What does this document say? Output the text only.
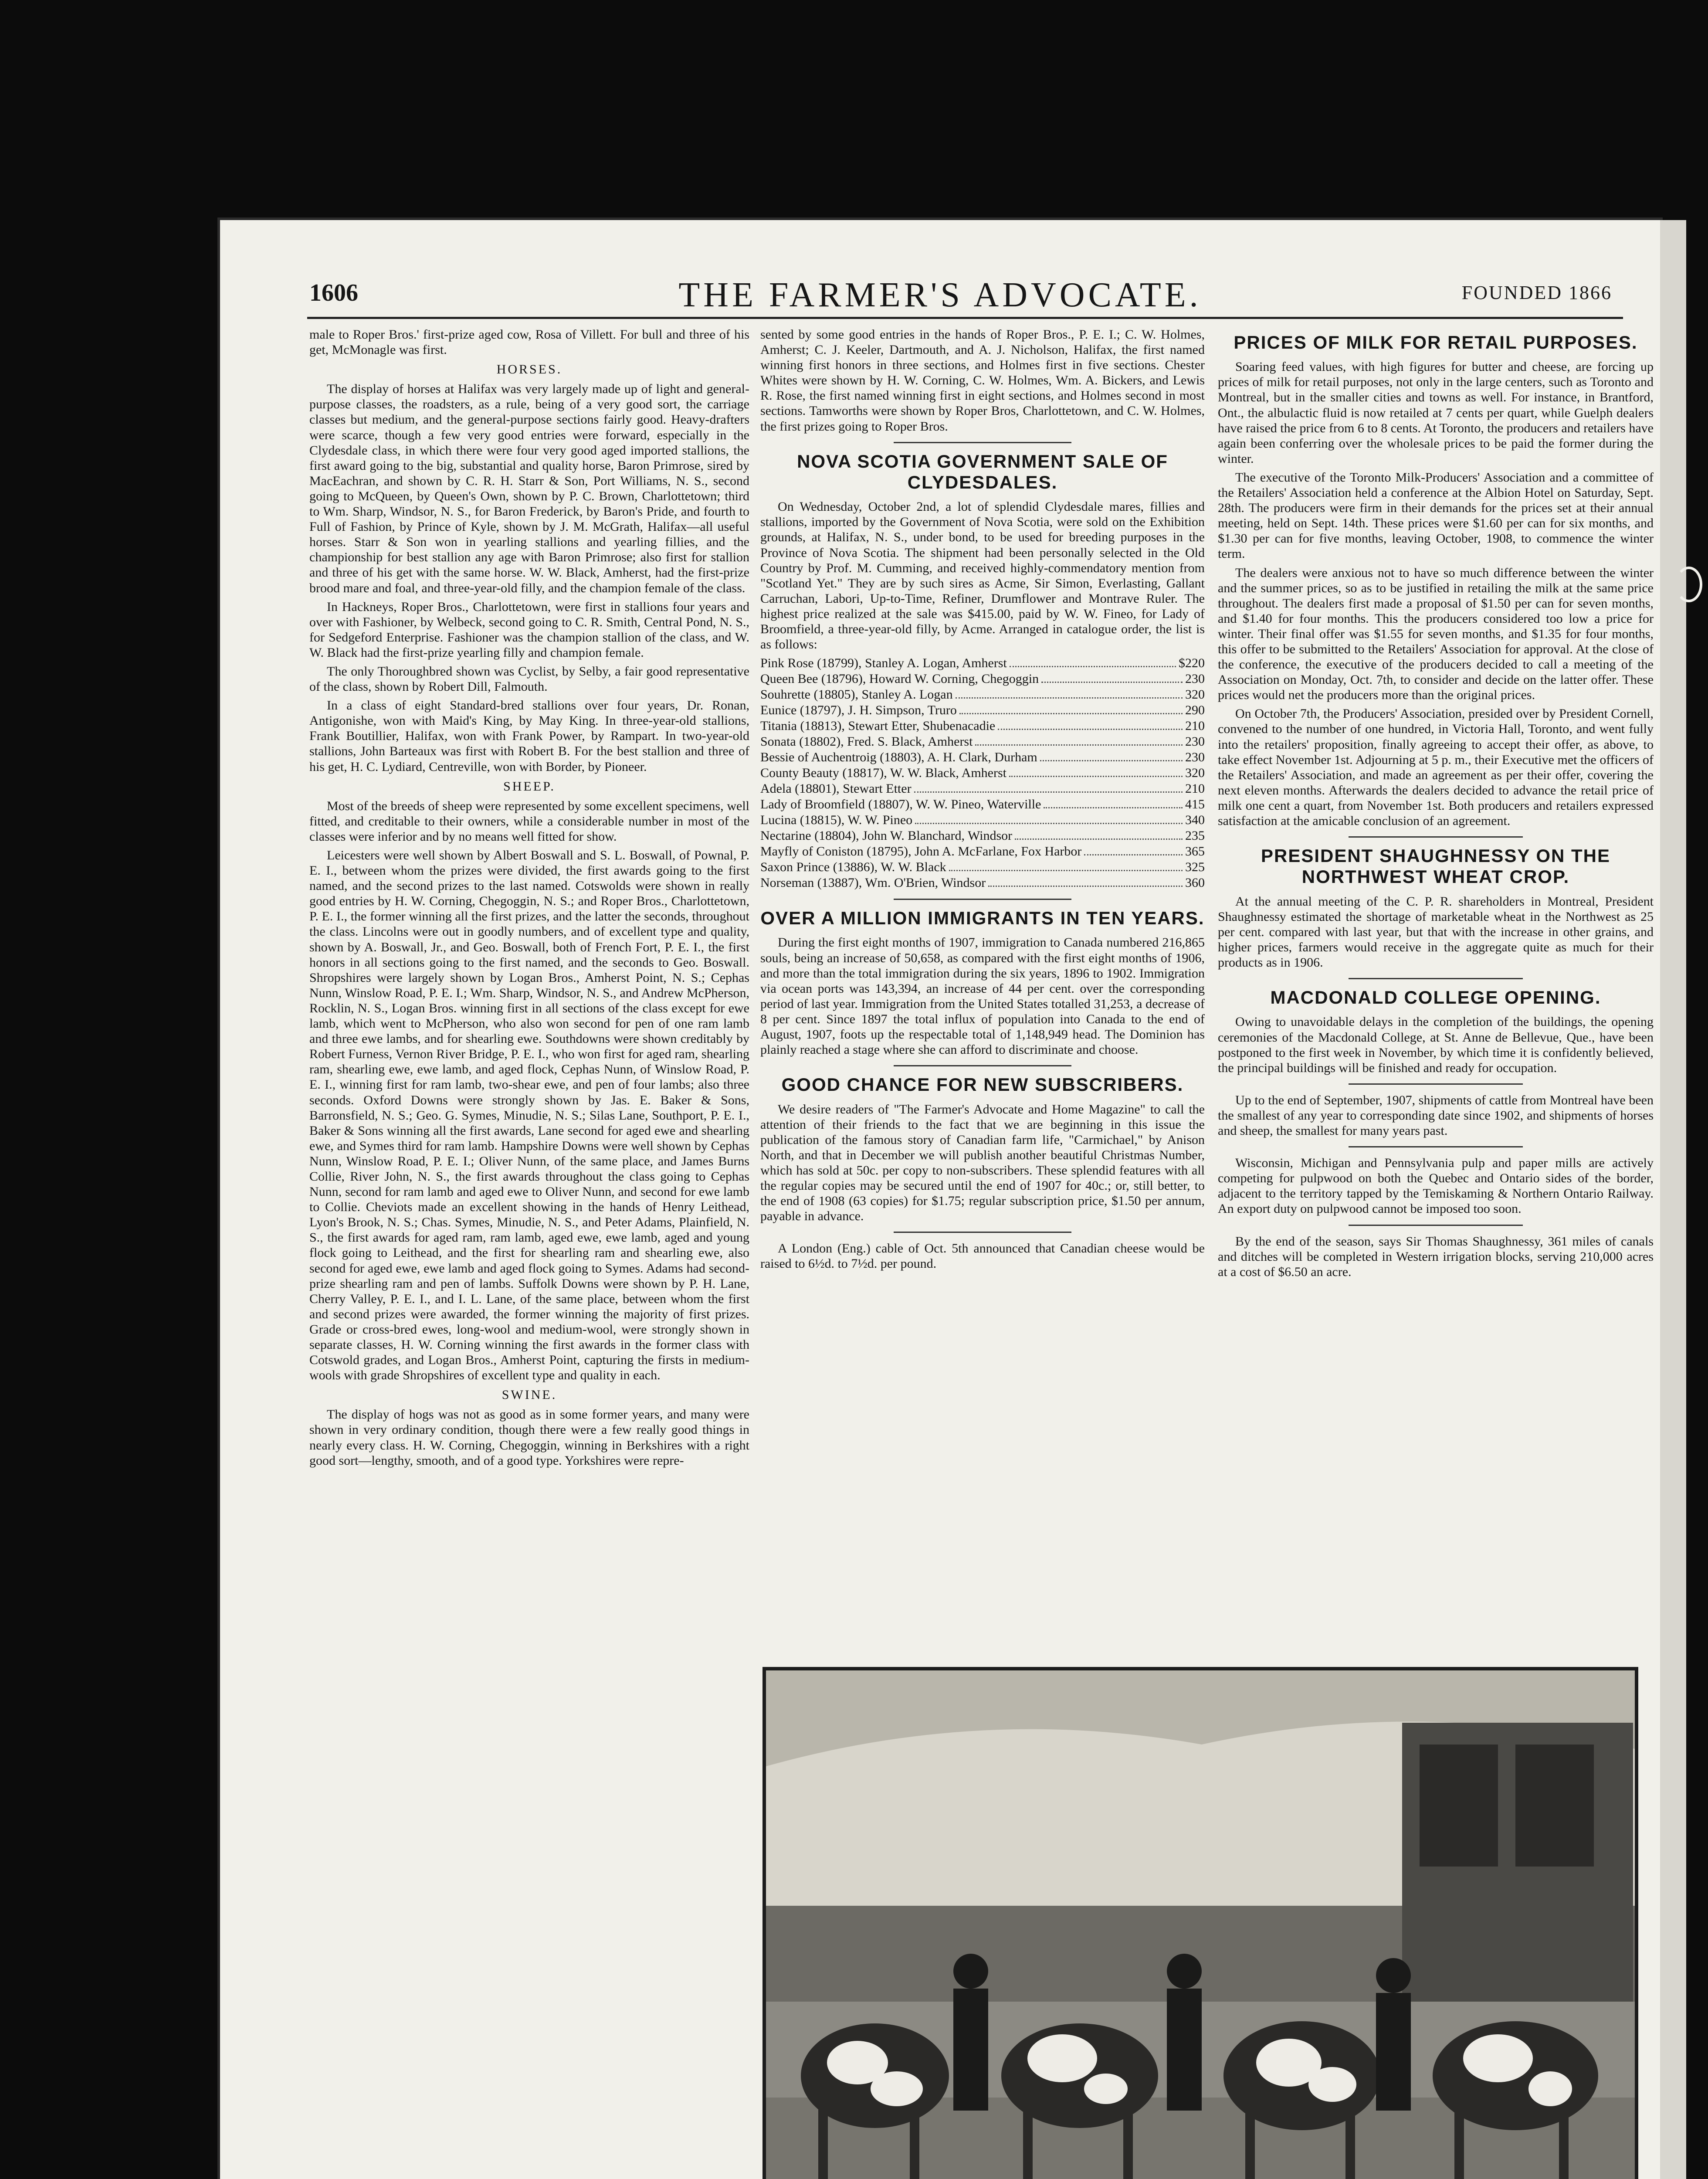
1606	THE FARMER'S ADVOCATE.	FOUNDED 1866

male to Roper Bros.' first-prize aged cow, Rosa of Villett. For bull and three of his get, McMonagle was first.

HORSES.

The display of horses at Halifax was very largely made up of light and general-purpose classes, the roadsters, as a rule, being of a very good sort, the carriage classes but medium, and the general-purpose sections fairly good. Heavy-drafters were scarce, though a few very good entries were forward, especially in the Clydesdale class, in which there were four very good aged imported stallions, the first award going to the big, substantial and quality horse, Baron Primrose, sired by MacEachran, and shown by C. R. H. Starr & Son, Port Williams, N. S., second going to McQueen, by Queen's Own, shown by P. C. Brown, Charlottetown; third to Wm. Sharp, Windsor, N. S., for Baron Frederick, by Baron's Pride, and fourth to Full of Fashion, by Prince of Kyle, shown by J. M. McGrath, Halifax—all useful horses. Starr & Son won in yearling stallions and yearling fillies, and the championship for best stallion any age with Baron Primrose; also first for stallion and three of his get with the same horse. W. W. Black, Amherst, had the first-prize brood mare and foal, and three-year-old filly, and the champion female of the class.

In Hackneys, Roper Bros., Charlottetown, were first in stallions four years and over with Fashioner, by Welbeck, second going to C. R. Smith, Central Pond, N. S., for Sedgeford Enterprise. Fashioner was the champion stallion of the class, and W. W. Black had the first-prize yearling filly and champion female.

The only Thoroughbred shown was Cyclist, by Selby, a fair good representative of the class, shown by Robert Dill, Falmouth.

In a class of eight Standard-bred stallions over four years, Dr. Ronan, Antigonishe, won with Maid's King, by May King. In three-year-old stallions, Frank Boutillier, Halifax, won with Frank Power, by Rampart. In two-year-old stallions, John Barteaux was first with Robert B. For the best stallion and three of his get, H. C. Lydiard, Centreville, won with Border, by Pioneer.

SHEEP.

Most of the breeds of sheep were represented by some excellent specimens, well fitted, and creditable to their owners, while a considerable number in most of the classes were inferior and by no means well fitted for show.

Leicesters were well shown by Albert Boswall and S. L. Boswall, of Pownal, P. E. I., between whom the prizes were divided, the first awards going to the first named, and the second prizes to the last named. Cotswolds were shown in really good entries by H. W. Corning, Chegoggin, N. S.; and Roper Bros., Charlottetown, P. E. I., the former winning all the first prizes, and the latter the seconds, throughout the class. Lincolns were out in goodly numbers, and of excellent type and quality, shown by A. Boswall, Jr., and Geo. Boswall, both of French Fort, P. E. I., the first honors in all sections going to the first named, and the seconds to Geo. Boswall. Shropshires were largely shown by Logan Bros., Amherst Point, N. S.; Cephas Nunn, Winslow Road, P. E. I.; Wm. Sharp, Windsor, N. S., and Andrew McPherson, Rocklin, N. S., Logan Bros. winning first in all sections of the class except for ewe lamb, which went to McPherson, who also won second for pen of one ram lamb and three ewe lambs, and for shearling ewe. Southdowns were shown creditably by Robert Furness, Vernon River Bridge, P. E. I., who won first for aged ram, shearling ram, shearling ewe, ewe lamb, and aged flock, Cephas Nunn, of Winslow Road, P. E. I., winning first for ram lamb, two-shear ewe, and pen of four lambs; also three seconds. Oxford Downs were strongly shown by Jas. E. Baker & Sons, Barronsfield, N. S.; Geo. G. Symes, Minudie, N. S.; Silas Lane, Southport, P. E. I., Baker & Sons winning all the first awards, Lane second for aged ewe and shearling ewe, and Symes third for ram lamb. Hampshire Downs were well shown by Cephas Nunn, Winslow Road, P. E. I.; Oliver Nunn, of the same place, and James Burns Collie, River John, N. S., the first awards throughout the class going to Cephas Nunn, second for ram lamb and aged ewe to Oliver Nunn, and second for ewe lamb to Collie. Cheviots made an excellent showing in the hands of Henry Leithead, Lyon's Brook, N. S.; Chas. Symes, Minudie, N. S., and Peter Adams, Plainfield, N. S., the first awards for aged ram, ram lamb, aged ewe, ewe lamb, aged and young flock going to Leithead, and the first for shearling ram and shearling ewe, also second for aged ewe, ewe lamb and aged flock going to Symes. Adams had second-prize shearling ram and pen of lambs. Suffolk Downs were shown by P. H. Lane, Cherry Valley, P. E. I., and I. L. Lane, of the same place, between whom the first and second prizes were awarded, the former winning the majority of first prizes. Grade or cross-bred ewes, long-wool and medium-wool, were strongly shown in separate classes, H. W. Corning winning the first awards in the former class with Cotswold grades, and Logan Bros., Amherst Point, capturing the firsts in medium-wools with grade Shropshires of excellent type and quality in each.

SWINE.

The display of hogs was not as good as in some former years, and many were shown in very ordinary condition, though there were a few really good things in nearly every class. H. W. Corning, Chegoggin, winning in Berkshires with a right good sort—lengthy, smooth, and of a good type. Yorkshires were repre-

sented by some good entries in the hands of Roper Bros., P. E. I.; C. W. Holmes, Amherst; C. J. Keeler, Dartmouth, and A. J. Nicholson, Halifax, the first named winning first honors in three sections, and Holmes first in five sections. Chester Whites were shown by H. W. Corning, C. W. Holmes, Wm. A. Bickers, and Lewis R. Rose, the first named winning first in eight sections, and Holmes second in most sections. Tamworths were shown by Roper Bros, Charlottetown, and C. W. Holmes, the first prizes going to Roper Bros.

NOVA SCOTIA GOVERNMENT SALE OF CLYDESDALES.

On Wednesday, October 2nd, a lot of splendid Clydesdale mares, fillies and stallions, imported by the Government of Nova Scotia, were sold on the Exhibition grounds, at Halifax, N. S., under bond, to be used for breeding purposes in the Province of Nova Scotia. The shipment had been personally selected in the Old Country by Prof. M. Cumming, and received highly-commendatory mention from "Scotland Yet." They are by such sires as Acme, Sir Simon, Everlasting, Gallant Carruchan, Labori, Up-to-Time, Refiner, Drumflower and Montrave Ruler. The highest price realized at the sale was $415.00, paid by W. W. Fineo, for Lady of Broomfield, a three-year-old filly, by Acme. Arranged in catalogue order, the list is as follows:

Pink Rose (18799), Stanley A. Logan, Amherst	$220
Queen Bee (18796), Howard W. Corning, Chegoggin	230
Souhrette (18805), Stanley A. Logan	320
Eunice (18797), J. H. Simpson, Truro	290
Titania (18813), Stewart Etter, Shubenacadie	210
Sonata (18802), Fred. S. Black, Amherst	230
Bessie of Auchentroig (18803), A. H. Clark, Durham	230
County Beauty (18817), W. W. Black, Amherst	320
Adela (18801), Stewart Etter	210
Lady of Broomfield (18807), W. W. Pineo, Waterville	415
Lucina (18815), W. W. Pineo	340
Nectarine (18804), John W. Blanchard, Windsor	235
Mayfly of Coniston (18795), John A. McFarlane, Fox Harbor	365
Saxon Prince (13886), W. W. Black	325
Norseman (13887), Wm. O'Brien, Windsor	360
OVER A MILLION IMMIGRANTS IN TEN YEARS.

During the first eight months of 1907, immigration to Canada numbered 216,865 souls, being an increase of 50,658, as compared with the first eight months of 1906, and more than the total immigration during the six years, 1896 to 1902. Immigration via ocean ports was 143,394, an increase of 44 per cent. over the corresponding period of last year. Immigration from the United States totalled 31,253, a decrease of 8 per cent. Since 1897 the total influx of population into Canada to the end of August, 1907, foots up the respectable total of 1,148,949 head. The Dominion has plainly reached a stage where she can afford to discriminate and choose.

GOOD CHANCE FOR NEW SUBSCRIBERS.

We desire readers of "The Farmer's Advocate and Home Magazine" to call the attention of their friends to the fact that we are beginning in this issue the publication of the famous story of Canadian farm life, "Carmichael," by Anison North, and that in December we will publish another beautiful Christmas Number, which has sold at 50c. per copy to non-subscribers. These splendid features with all the regular copies may be secured until the end of 1907 for 40c.; or, still better, to the end of 1908 (63 copies) for $1.75; regular subscription price, $1.50 per annum, payable in advance.

A London (Eng.) cable of Oct. 5th announced that Canadian cheese would be raised to 6½d. to 7½d. per pound.

PRICES OF MILK FOR RETAIL PURPOSES.

Soaring feed values, with high figures for butter and cheese, are forcing up prices of milk for retail purposes, not only in the large centers, such as Toronto and Montreal, but in the smaller cities and towns as well. For instance, in Brantford, Ont., the albulactic fluid is now retailed at 7 cents per quart, while Guelph dealers have raised the price from 6 to 8 cents. At Toronto, the producers and retailers have again been conferring over the wholesale prices to be paid the former during the winter.

The executive of the Toronto Milk-Producers' Association and a committee of the Retailers' Association held a conference at the Albion Hotel on Saturday, Sept. 28th. The producers were firm in their demands for the prices set at their annual meeting, held on Sept. 14th. These prices were $1.60 per can for six months, and $1.30 per can for five months, leaving October, 1908, to commence the winter term.

The dealers were anxious not to have so much difference between the winter and the summer prices, so as to be justified in retailing the milk at the same price throughout. The dealers first made a proposal of $1.50 per can for seven months, and $1.40 for four months. This the producers considered too low a price for winter. Their final offer was $1.55 for seven months, and $1.35 for four months, this offer to be submitted to the Retailers' Association for approval. At the close of the conference, the executive of the producers decided to call a meeting of the Association on Monday, Oct. 7th, to consider and decide on the latter offer. These prices would net the producers more than the original prices.

On October 7th, the Producers' Association, presided over by President Cornell, convened to the number of one hundred, in Victoria Hall, Toronto, and went fully into the retailers' proposition, finally agreeing to accept their offer, as above, to take effect November 1st. Adjourning at 5 p. m., their Executive met the officers of the Retailers' Association, and made an agreement as per their offer, covering the next eleven months. Afterwards the dealers decided to advance the retail price of milk one cent a quart, from November 1st. Both producers and retailers expressed satisfaction at the amicable conclusion of an agreement.

PRESIDENT SHAUGHNESSY ON THE NORTHWEST WHEAT CROP.

At the annual meeting of the C. P. R. shareholders in Montreal, President Shaughnessy estimated the shortage of marketable wheat in the Northwest as 25 per cent. compared with last year, but that with the increase in other grains, and higher prices, farmers would receive in the aggregate quite as much for their products as in 1906.

MACDONALD COLLEGE OPENING.

Owing to unavoidable delays in the completion of the buildings, the opening ceremonies of the Macdonald College, at St. Anne de Bellevue, Que., have been postponed to the first week in November, by which time it is confidently believed, the principal buildings will be finished and ready for occupation.

Up to the end of September, 1907, shipments of cattle from Montreal have been the smallest of any year to corresponding date since 1902, and shipments of horses and sheep, the smallest for many years past.

Wisconsin, Michigan and Pennsylvania pulp and paper mills are actively competing for pulpwood on both the Quebec and Ontario sides of the border, adjacent to the territory tapped by the Temiskaming & Northern Ontario Railway. An export duty on pulpwood cannot be imposed too soon.

By the end of the season, says Sir Thomas Shaughnessy, 361 miles of canals and ditches will be completed in Western irrigation blocks, serving 210,000 acres at a cost of $6.50 an acre.
